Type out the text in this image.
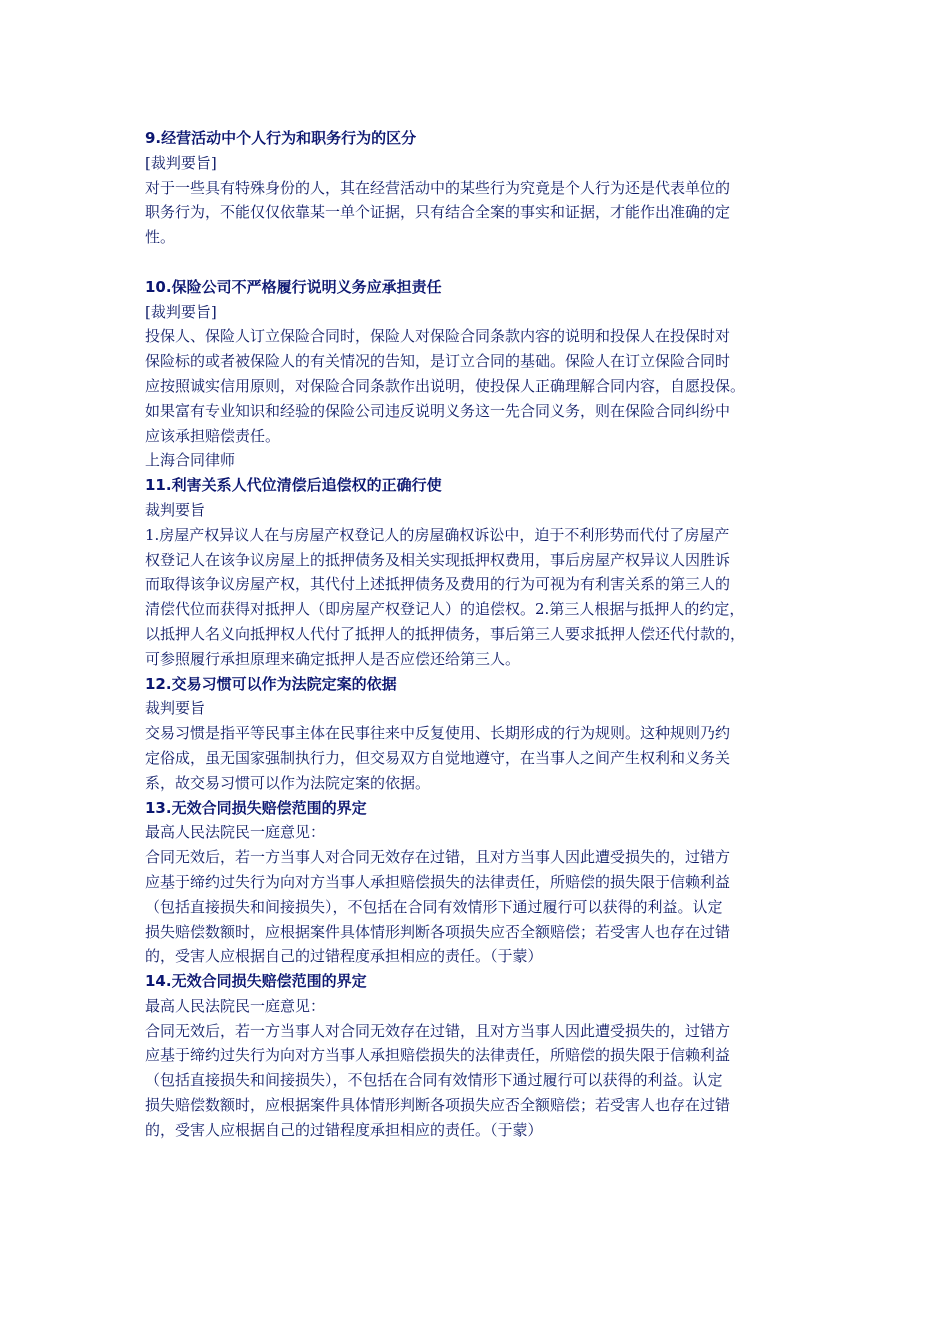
9.经营活动中个人行为和职务行为的区分
[裁判要旨]
对于一些具有特殊身份的人，其在经营活动中的某些行为究竟是个人行为还是代表单位的
职务行为，不能仅仅依靠某一单个证据，只有结合全案的事实和证据，才能作出准确的定
性。
10.保险公司不严格履行说明义务应承担责任
[裁判要旨]
投保人、保险人订立保险合同时，保险人对保险合同条款内容的说明和投保人在投保时对
保险标的或者被保险人的有关情况的告知，是订立合同的基础。保险人在订立保险合同时
应按照诚实信用原则，对保险合同条款作出说明，使投保人正确理解合同内容，自愿投保。
如果富有专业知识和经验的保险公司违反说明义务这一先合同义务，则在保险合同纠纷中
应该承担赔偿责任。
上海合同律师
11.利害关系人代位清偿后追偿权的正确行使
裁判要旨
1.房屋产权异议人在与房屋产权登记人的房屋确权诉讼中，迫于不利形势而代付了房屋产
权登记人在该争议房屋上的抵押债务及相关实现抵押权费用，事后房屋产权异议人因胜诉
而取得该争议房屋产权，其代付上述抵押债务及费用的行为可视为有利害关系的第三人的
清偿代位而获得对抵押人（即房屋产权登记人）的追偿权。2.第三人根据与抵押人的约定，
以抵押人名义向抵押权人代付了抵押人的抵押债务，事后第三人要求抵押人偿还代付款的，
可参照履行承担原理来确定抵押人是否应偿还给第三人。
12.交易习惯可以作为法院定案的依据
裁判要旨
交易习惯是指平等民事主体在民事往来中反复使用、长期形成的行为规则。这种规则乃约
定俗成，虽无国家强制执行力，但交易双方自觉地遵守，在当事人之间产生权利和义务关
系，故交易习惯可以作为法院定案的依据。
13.无效合同损失赔偿范围的界定
最高人民法院民一庭意见：
合同无效后，若一方当事人对合同无效存在过错，且对方当事人因此遭受损失的，过错方
应基于缔约过失行为向对方当事人承担赔偿损失的法律责任，所赔偿的损失限于信赖利益
（包括直接损失和间接损失），不包括在合同有效情形下通过履行可以获得的利益。认定
损失赔偿数额时，应根据案件具体情形判断各项损失应否全额赔偿；若受害人也存在过错
的，受害人应根据自己的过错程度承担相应的责任。（于蒙）
14.无效合同损失赔偿范围的界定
最高人民法院民一庭意见：
合同无效后，若一方当事人对合同无效存在过错，且对方当事人因此遭受损失的，过错方
应基于缔约过失行为向对方当事人承担赔偿损失的法律责任，所赔偿的损失限于信赖利益
（包括直接损失和间接损失），不包括在合同有效情形下通过履行可以获得的利益。认定
损失赔偿数额时，应根据案件具体情形判断各项损失应否全额赔偿；若受害人也存在过错
的，受害人应根据自己的过错程度承担相应的责任。（于蒙）
